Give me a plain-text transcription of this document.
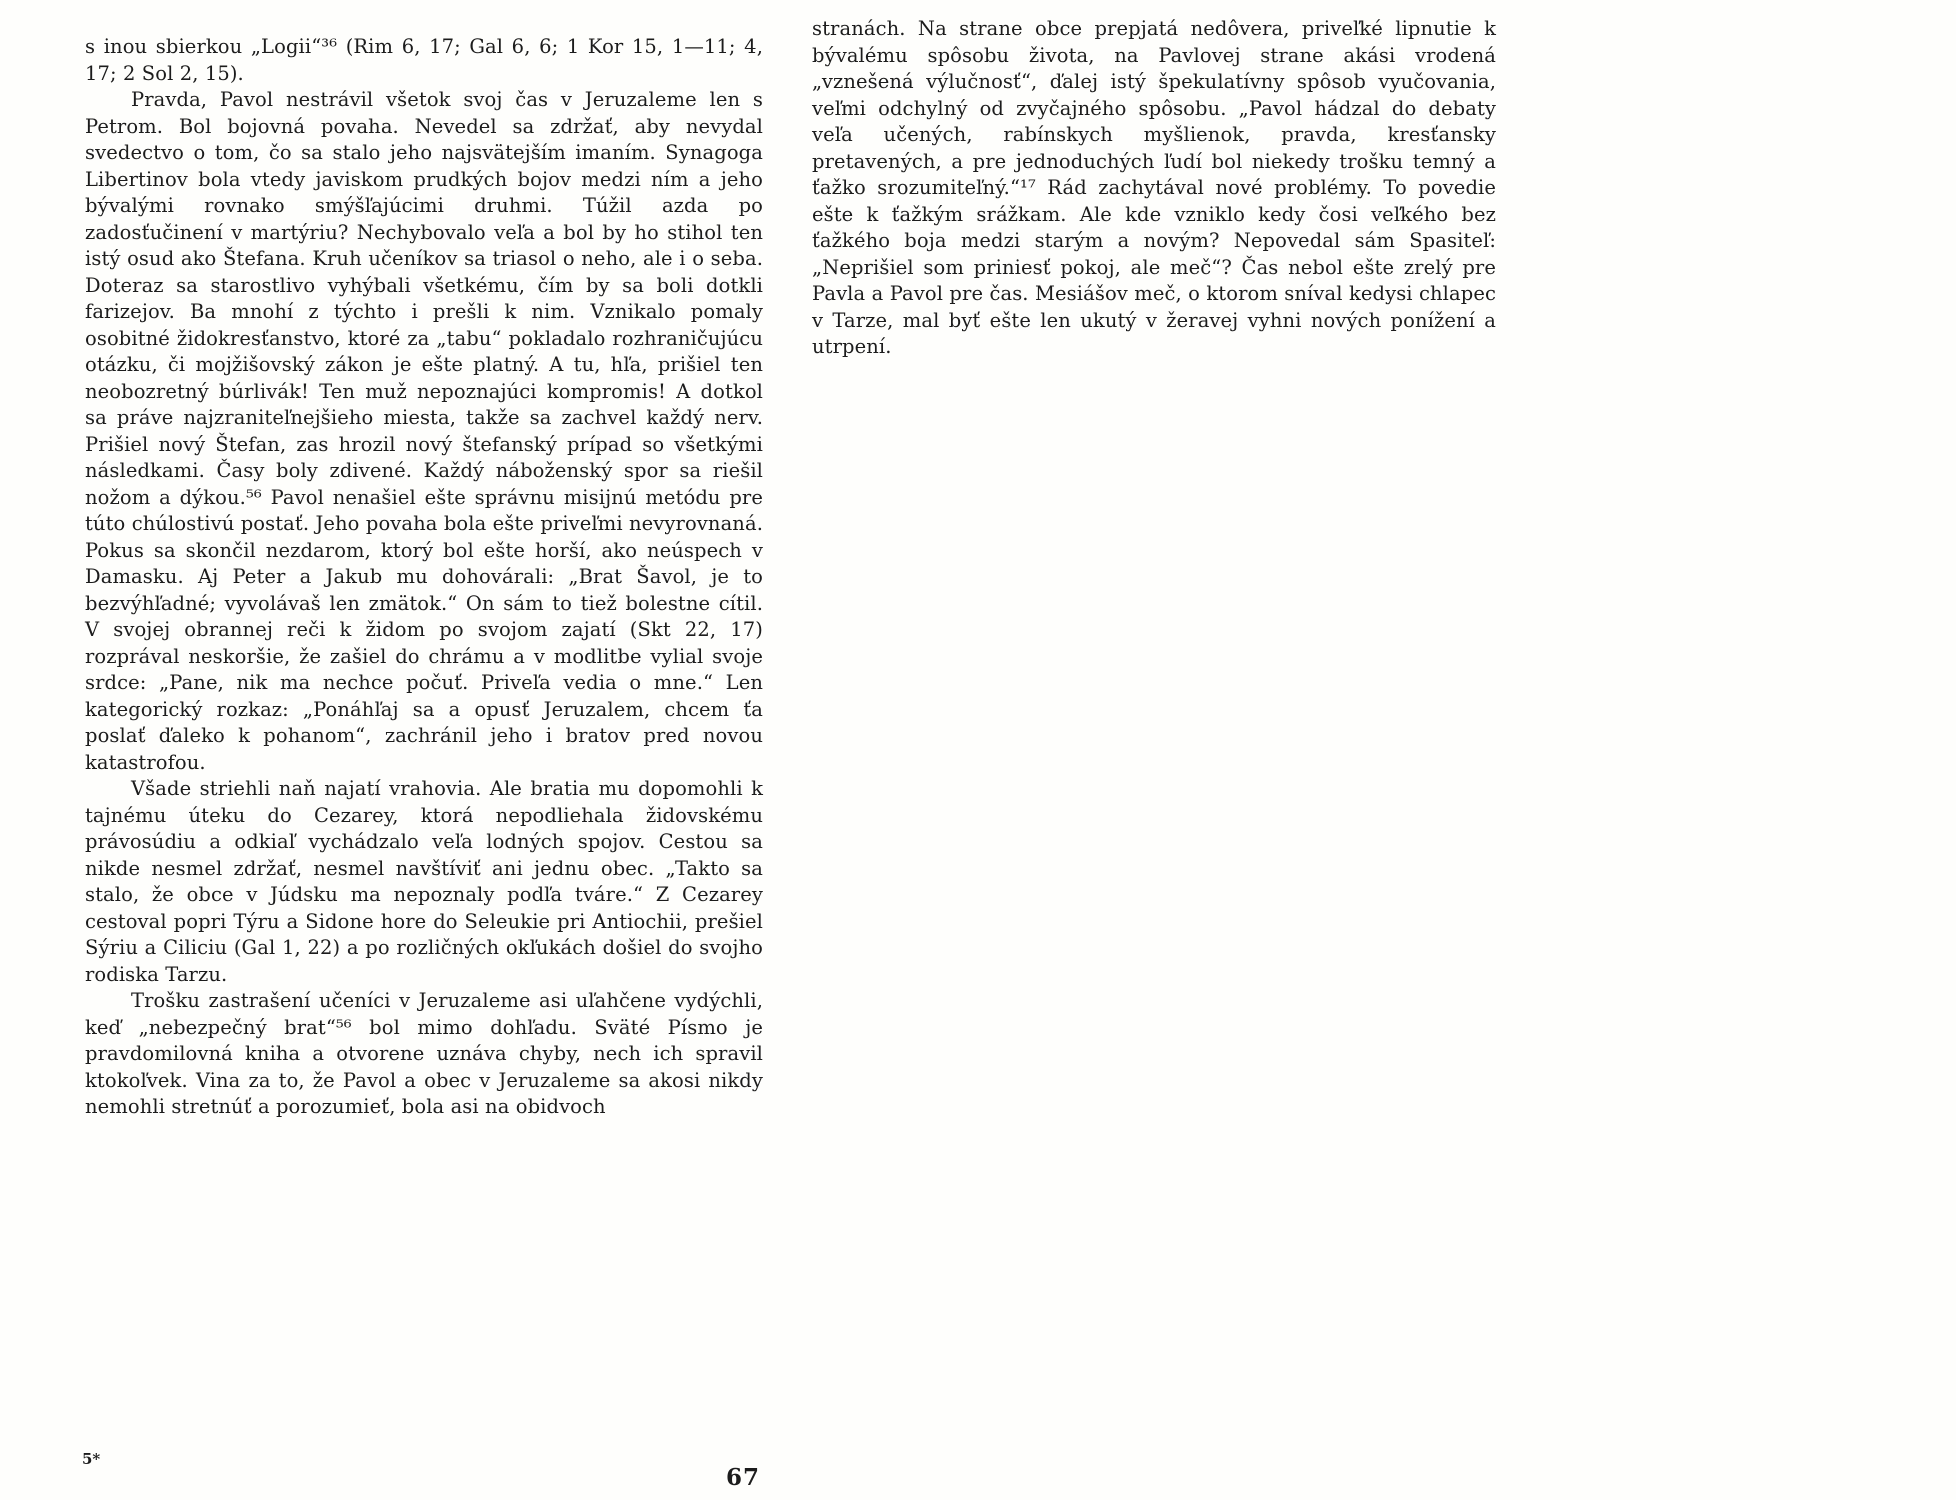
s inou sbierkou „Logii“³⁶ (Rim 6, 17; Gal 6, 6; 1 Kor 15, 1—11; 4, 17; 2 Sol 2, 15).

Pravda, Pavol nestrávil všetok svoj čas v Jeruzaleme len s Petrom. Bol bojovná povaha. Nevedel sa zdržať, aby nevydal svedectvo o tom, čo sa stalo jeho najsvätejším imaním. Synagoga Libertinov bola vtedy javiskom prudkých bojov medzi ním a jeho bývalými rovnako smýšľajúcimi druhmi. Túžil azda po zadosťučinení v martýriu? Nechybovalo veľa a bol by ho stihol ten istý osud ako Štefana. Kruh učeníkov sa triasol o neho, ale i o seba. Doteraz sa starostlivo vyhýbali všetkému, čím by sa boli dotkli farizejov. Ba mnohí z týchto i prešli k nim. Vznikalo pomaly osobitné židokresťanstvo, ktoré za „tabu“ pokladalo rozhraničujúcu otázku, či mojžišovský zákon je ešte platný. A tu, hľa, prišiel ten neobozretný búrlivák! Ten muž nepoznajúci kompromis! A dotkol sa práve najzraniteľnejšieho miesta, takže sa zachvel každý nerv. Prišiel nový Štefan, zas hrozil nový štefanský prípad so všetkými následkami. Časy boly zdivené. Každý náboženský spor sa riešil nožom a dýkou.⁵⁶ Pavol nenašiel ešte správnu misijnú metódu pre túto chúlostivú postať. Jeho povaha bola ešte priveľmi nevyrovnaná. Pokus sa skončil nezdarom, ktorý bol ešte horší, ako neúspech v Damasku. Aj Peter a Jakub mu dohovárali: „Brat Šavol, je to bezvýhľadné; vyvolávaš len zmätok.“ On sám to tiež bolestne cítil. V svojej obrannej reči k židom po svojom zajatí (Skt 22, 17) rozprával neskoršie, že zašiel do chrámu a v modlitbe vylial svoje srdce: „Pane, nik ma nechce počuť. Priveľa vedia o mne.“ Len kategorický rozkaz: „Ponáhľaj sa a opusť Jeruzalem, chcem ťa poslať ďaleko k pohanom“, zachránil jeho i bratov pred novou katastrofou.

Všade striehli naň najatí vrahovia. Ale bratia mu dopomohli k tajnému úteku do Cezarey, ktorá nepodliehala židovskému právosúdiu a odkiaľ vychádzalo veľa lodných spojov. Cestou sa nikde nesmel zdržať, nesmel navštíviť ani jednu obec. „Takto sa stalo, že obce v Júdsku ma nepoznaly podľa tváre.“ Z Cezarey cestoval popri Týru a Sidone hore do Seleukie pri Antiochii, prešiel Sýriu a Ciliciu (Gal 1, 22) a po rozličných okľukách došiel do svojho rodiska Tarzu.

Trošku zastrašení učeníci v Jeruzaleme asi uľahčene vydýchli, keď „nebezpečný brat“⁵⁶ bol mimo dohľadu. Sväté Písmo je pravdomilovná kniha a otvorene uznáva chyby, nech ich spravil ktokoľvek. Vina za to, že Pavol a obec v Jeruzaleme sa akosi nikdy nemohli stretnúť a porozumieť, bola asi na obidvoch

stranách. Na strane obce prepjatá nedôvera, priveľké lipnutie k bývalému spôsobu života, na Pavlovej strane akási vrodená „vznešená výlučnosť“, ďalej istý špekulatívny spôsob vyučovania, veľmi odchylný od zvyčajného spôsobu. „Pavol hádzal do debaty veľa učených, rabínskych myšlienok, pravda, kresťansky pretavených, a pre jednoduchých ľudí bol niekedy trošku temný a ťažko srozumiteľný.“¹⁷ Rád zachytával nové problémy. To povedie ešte k ťažkým srážkam. Ale kde vzniklo kedy čosi veľkého bez ťažkého boja medzi starým a novým? Nepovedal sám Spasiteľ: „Neprišiel som priniesť pokoj, ale meč“? Čas nebol ešte zrelý pre Pavla a Pavol pre čas. Mesiášov meč, o ktorom sníval kedysi chlapec v Tarze, mal byť ešte len ukutý v žeravej vyhni nových ponížení a utrpení.

5*
67
